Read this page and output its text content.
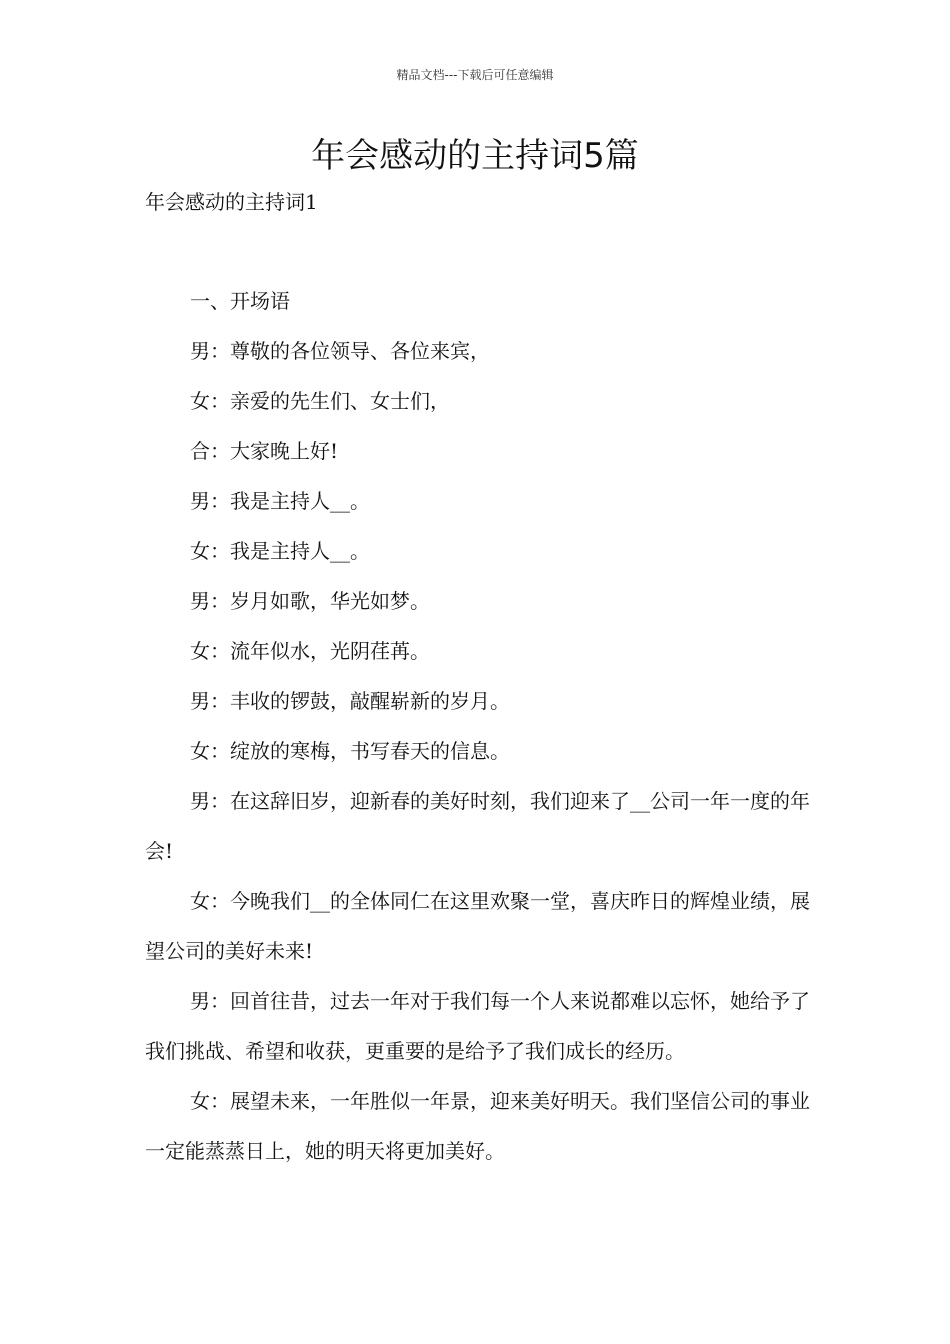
精品文档---下载后可任意编辑
年会感动的主持词5篇
年会感动的主持词1

一、开场语

男：尊敬的各位领导、各位来宾，

女：亲爱的先生们、女士们，

合：大家晚上好!

男：我是主持人__。

女：我是主持人__。

男：岁月如歌，华光如梦。

女：流年似水，光阴荏苒。

男：丰收的锣鼓，敲醒崭新的岁月。

女：绽放的寒梅，书写春天的信息。

男：在这辞旧岁，迎新春的美好时刻，我们迎来了__公司一年一度的年会!

女：今晚我们__的全体同仁在这里欢聚一堂，喜庆昨日的辉煌业绩，展望公司的美好未来!

男：回首往昔，过去一年对于我们每一个人来说都难以忘怀，她给予了我们挑战、希望和收获，更重要的是给予了我们成长的经历。

女：展望未来，一年胜似一年景，迎来美好明天。我们坚信公司的事业一定能蒸蒸日上，她的明天将更加美好。
